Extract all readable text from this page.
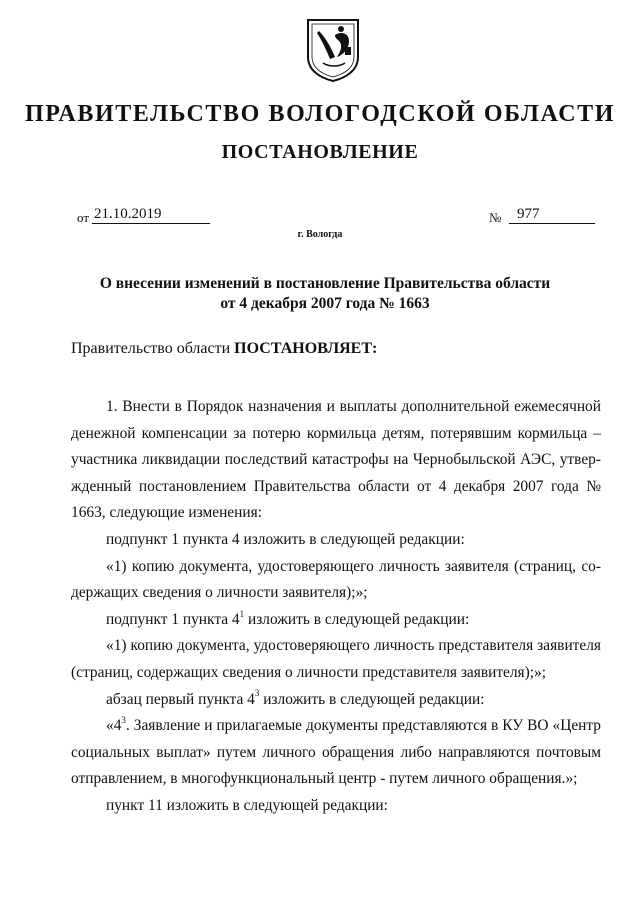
ПРАВИТЕЛЬСТВО ВОЛОГОДСКОЙ ОБЛАСТИ
ПОСТАНОВЛЕНИЕ
от 21.10.2019	№	977
г. Вологда
О внесении изменений в постановление Правительства области
от 4 декабря 2007 года № 1663
Правительство области ПОСТАНОВЛЯЕТ:

1. Внести в Порядок назначения и выплаты дополнительной ежемесячной денежной компенсации за потерю кормильца детям, потерявшим кормильца – участника ликвидации последствий катастрофы на Чернобыльской АЭС, утвержденный постановлением Правительства области от 4 декабря 2007 года № 1663, следующие изменения:

подпункт 1 пункта 4 изложить в следующей редакции:

«1) копию документа, удостоверяющего личность заявителя (страниц, содержащих сведения о личности заявителя);»;

подпункт 1 пункта $4^1$ изложить в следующей редакции:

«1) копию документа, удостоверяющего личность представителя заявителя (страниц, содержащих сведения о личности представителя заявителя);»;

абзац первый пункта $4^3$ изложить в следующей редакции:

«$4^3$. Заявление и прилагаемые документы представляются в КУ ВО «Центр социальных выплат» путем личного обращения либо направляются почтовым отправлением, в многофункциональный центр - путем личного обращения.»;

пункт 11 изложить в следующей редакции:
